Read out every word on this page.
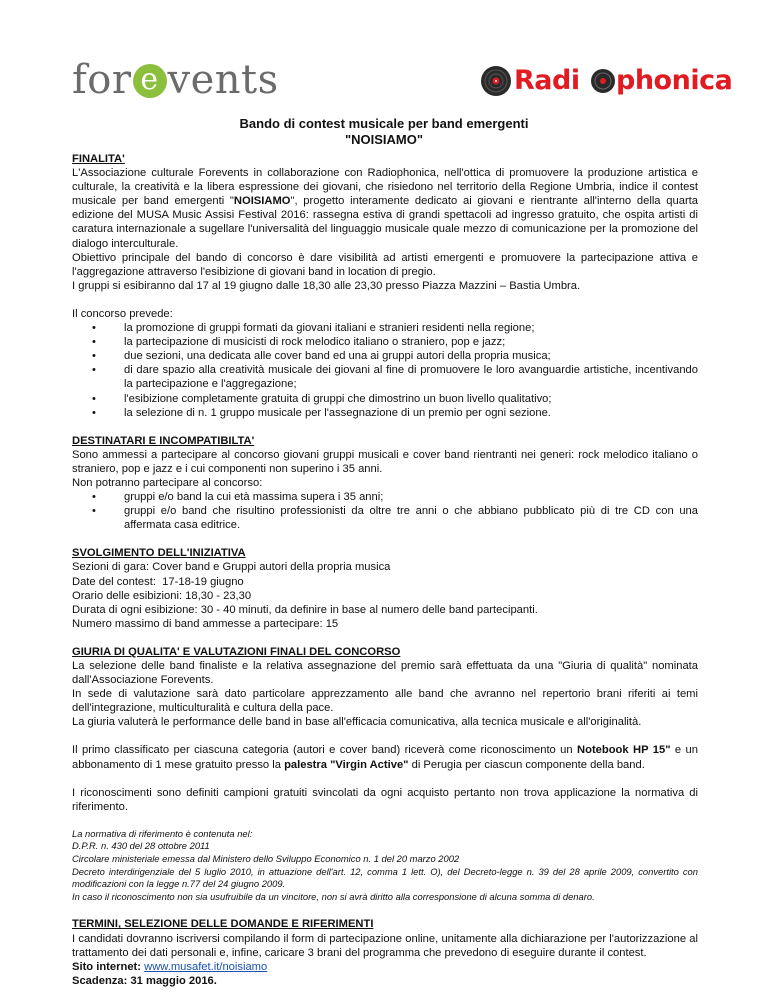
for e vents	Radi phonica
Bando di contest musicale per band emergenti
"NOISIAMO"

FINALITA'

L'Associazione culturale Forevents in collaborazione con Radiophonica, nell'ottica di promuovere la produzione artistica e culturale, la creatività e la libera espressione dei giovani, che risiedono nel territorio della Regione Umbria, indice il contest musicale per band emergenti "NOISIAMO", progetto interamente dedicato ai giovani e rientrante all'interno della quarta edizione del MUSA Music Assisi Festival 2016: rassegna estiva di grandi spettacoli ad ingresso gratuito, che ospita artisti di caratura internazionale a sugellare l'universalità del linguaggio musicale quale mezzo di comunicazione per la promozione del dialogo interculturale.

Obiettivo principale del bando di concorso è dare visibilità ad artisti emergenti e promuovere la partecipazione attiva e l'aggregazione attraverso l'esibizione di giovani band in location di pregio.

I gruppi si esibiranno dal 17 al 19 giugno dalle 18,30 alle 23,30 presso Piazza Mazzini – Bastia Umbra.

Il concorso prevede:

• la promozione di gruppi formati da giovani italiani e stranieri residenti nella regione;
• la partecipazione di musicisti di rock melodico italiano o straniero, pop e jazz;
• due sezioni, una dedicata alle cover band ed una ai gruppi autori della propria musica;
• di dare spazio alla creatività musicale dei giovani al fine di promuovere le loro avanguardie artistiche, incentivando la partecipazione e l'aggregazione;
• l'esibizione completamente gratuita di gruppi che dimostrino un buon livello qualitativo;
• la selezione di n. 1 gruppo musicale per l'assegnazione di un premio per ogni sezione.

DESTINATARI E INCOMPATIBILTA'

Sono ammessi a partecipare al concorso giovani gruppi musicali e cover band rientranti nei generi: rock melodico italiano o straniero, pop e jazz e i cui componenti non superino i 35 anni.

Non potranno partecipare al concorso:

• gruppi e/o band la cui età massima supera i 35 anni;
• gruppi e/o band che risultino professionisti da oltre tre anni o che abbiano pubblicato più di tre CD con una affermata casa editrice.

SVOLGIMENTO DELL'INIZIATIVA

Sezioni di gara: Cover band e Gruppi autori della propria musica

Date del contest:  17-18-19 giugno

Orario delle esibizioni: 18,30 - 23,30

Durata di ogni esibizione: 30 - 40 minuti, da definire in base al numero delle band partecipanti.

Numero massimo di band ammesse a partecipare: 15

GIURIA DI QUALITA' E VALUTAZIONI FINALI DEL CONCORSO

La selezione delle band finaliste e la relativa assegnazione del premio sarà effettuata da una "Giuria di qualità" nominata dall'Associazione Forevents.

In sede di valutazione sarà dato particolare apprezzamento alle band che avranno nel repertorio brani riferiti ai temi dell'integrazione, multiculturalità e cultura della pace.

La giuria valuterà le performance delle band in base all'efficacia comunicativa, alla tecnica musicale e all'originalità.

Il primo classificato per ciascuna categoria (autori e cover band) riceverà come riconoscimento un Notebook HP 15" e un abbonamento di 1 mese gratuito presso la palestra "Virgin Active" di Perugia per ciascun componente della band.

I riconoscimenti sono definiti campioni gratuiti svincolati da ogni acquisto pertanto non trova applicazione la normativa di riferimento.

La normativa di riferimento è contenuta nel:

D.P.R. n. 430 del 28 ottobre 2011

Circolare ministeriale emessa dal Ministero dello Sviluppo Economico n. 1 del 20 marzo 2002

Decreto interdirigenziale del 5 luglio 2010, in attuazione dell'art. 12, comma 1 lett. O), del Decreto-legge n. 39 del 28 aprile 2009, convertito con modificazioni con la legge n.77 del 24 giugno 2009.

In caso il riconoscimento non sia usufruibile da un vincitore, non si avrà diritto alla corresponsione di alcuna somma di denaro.

TERMINI, SELEZIONE DELLE DOMANDE E RIFERIMENTI

I candidati dovranno iscriversi compilando il form di partecipazione online, unitamente alla dichiarazione per l'autorizzazione al trattamento dei dati personali e, infine, caricare 3 brani del programma che prevedono di eseguire durante il contest.

Sito internet: www.musafet.it/noisiamo

Scadenza: 31 maggio 2016.
